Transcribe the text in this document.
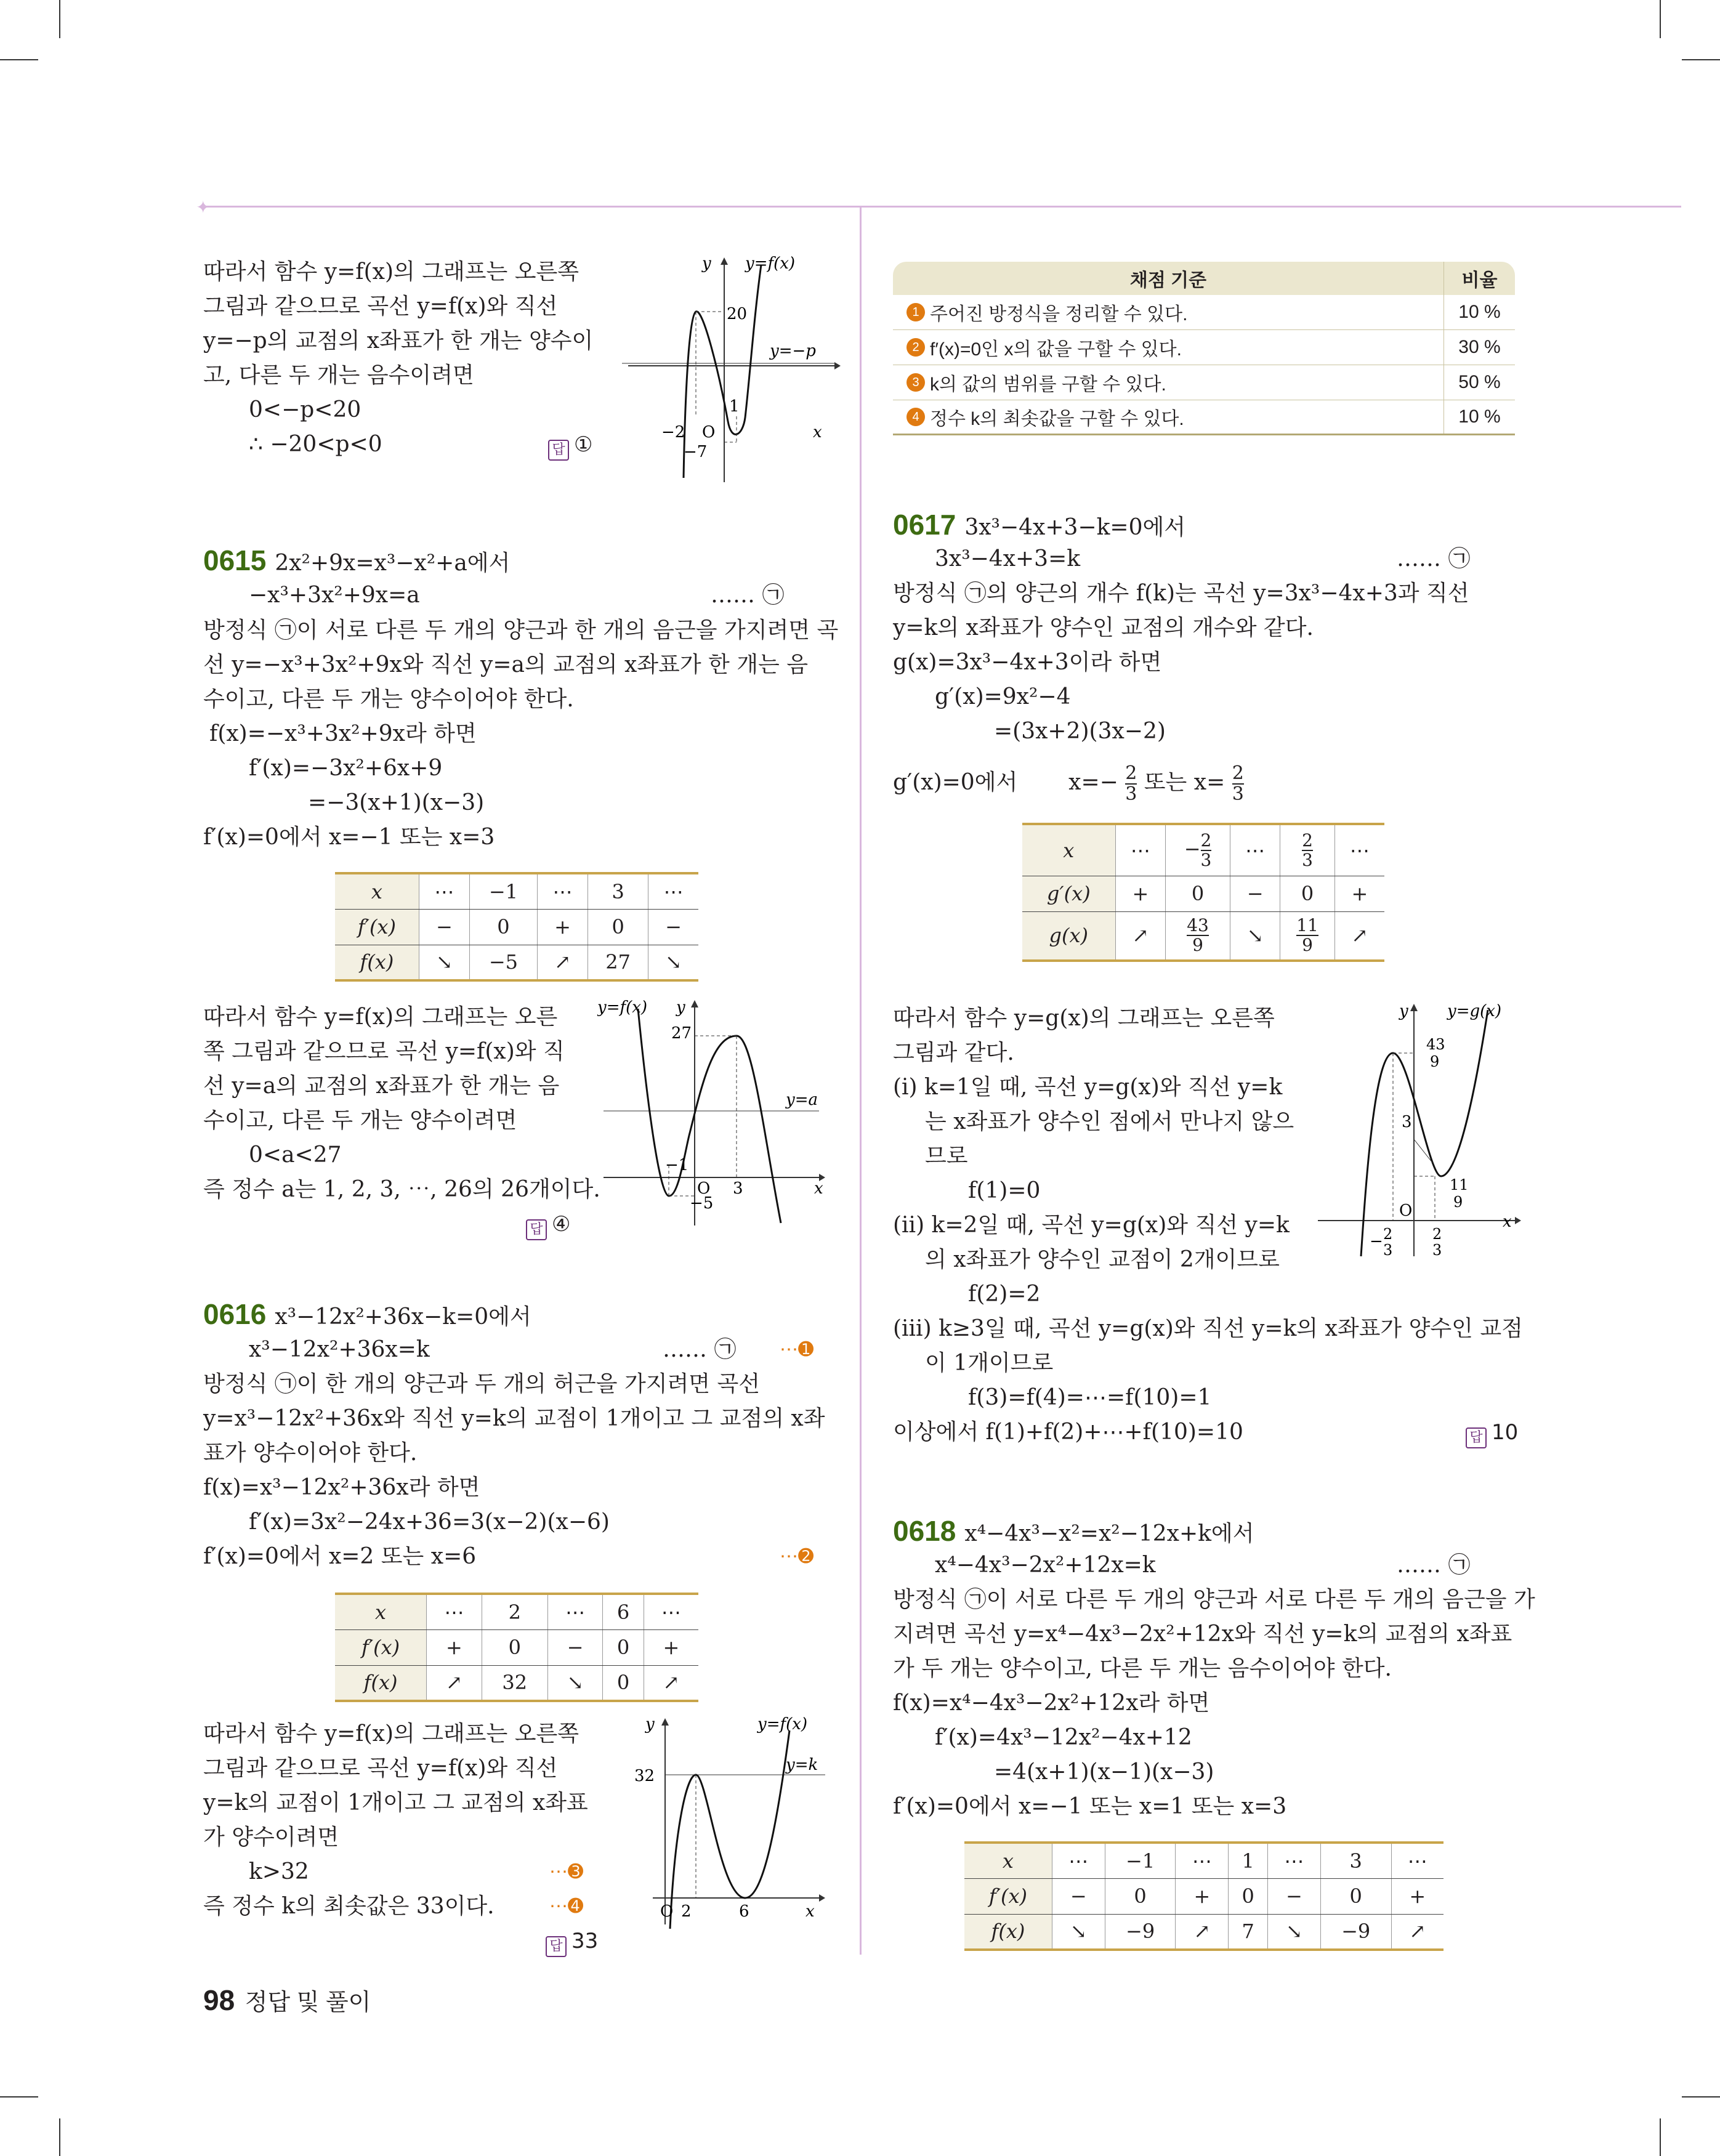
✦
따라서 함수 y=f(x)의 그래프는 오른쪽
그림과 같으므로 곡선 y=f(x)와 직선
y=−p의 교점의 x좌표가 한 개는 양수이
고, 다른 두 개는 음수이려면
0<−p<20
∴ −20<p<0	답 ①
y y=f(x)
20
y=−p
1
−2 O
−7
x
채점 기준	비율
1 주어진 방정식을 정리할 수 있다.	10 %
2 f′(x)=0인 x의 값을 구할 수 있다.	30 %
3 k의 값의 범위를 구할 수 있다.	50 %
4 정수 k의 최솟값을 구할 수 있다.	10 %
0615 2x²+9x=x³−x²+a에서
−x³+3x²+9x=a	…… ㉠
방정식 ㉠이 서로 다른 두 개의 양근과 한 개의 음근을 가지려면 곡
선 y=−x³+3x²+9x와 직선 y=a의 교점의 x좌표가 한 개는 음
수이고, 다른 두 개는 양수이어야 한다.
f(x)=−x³+3x²+9x라 하면
f′(x)=−3x²+6x+9
=−3(x+1)(x−3)
f′(x)=0에서 x=−1 또는 x=3
x	⋯	−1	⋯	3	⋯
f′(x)	−	0	+	0	−
f(x)	↘	−5	↗	27	↘
따라서 함수 y=f(x)의 그래프는 오른
쪽 그림과 같으므로 곡선 y=f(x)와 직
선 y=a의 교점의 x좌표가 한 개는 음
수이고, 다른 두 개는 양수이려면
0<a<27
즉 정수 a는 1, 2, 3, ⋯, 26의 26개이다.
답 ④
y=f(x) y
27
y=a
−1
O 3
−5
x
0616 x³−12x²+36x−k=0에서
x³−12x²+36x=k	…… ㉠ ⋯➊
방정식 ㉠이 한 개의 양근과 두 개의 허근을 가지려면 곡선
y=x³−12x²+36x와 직선 y=k의 교점이 1개이고 그 교점의 x좌
표가 양수이어야 한다.
f(x)=x³−12x²+36x라 하면
f′(x)=3x²−24x+36=3(x−2)(x−6)
f′(x)=0에서 x=2 또는 x=6	⋯➋
x	⋯	2	⋯	6	⋯
f′(x)	+	0	−	0	+
f(x)	↗	32	↘	0	↗
따라서 함수 y=f(x)의 그래프는 오른쪽
그림과 같으므로 곡선 y=f(x)와 직선
y=k의 교점이 1개이고 그 교점의 x좌표
가 양수이려면
k>32	⋯➌
즉 정수 k의 최솟값은 33이다.	⋯➍
답 33
y	y=f(x)
32
y=k
O 2	6	x
0617 3x³−4x+3−k=0에서
3x³−4x+3=k	…… ㉠
방정식 ㉠의 양근의 개수 f(k)는 곡선 y=3x³−4x+3과 직선
y=k의 x좌표가 양수인 교점의 개수와 같다.
g(x)=3x³−4x+3이라 하면
g′(x)=9x²−4
=(3x+2)(3x−2)
g′(x)=0에서 $x=- \frac{2}{3}$ 또는 $x= \frac{2}{3}$
x	⋯	− $\frac{2}{3}$	⋯	$\frac{2}{3}$	⋯
g′(x)	+	0	−	0	+
g(x)	↗	$\frac{43}{9}$	↘	$\frac{11}{9}$	↗
따라서 함수 y=g(x)의 그래프는 오른쪽
그림과 같다.
(ⅰ) k=1일 때, 곡선 y=g(x)와 직선 y=k
는 x좌표가 양수인 점에서 만나지 않으
므로
f(1)=0
(ⅱ) k=2일 때, 곡선 y=g(x)와 직선 y=k
의 x좌표가 양수인 교점이 2개이므로
f(2)=2
(ⅲ) k≥3일 때, 곡선 y=g(x)와 직선 y=k의 x좌표가 양수인 교점
이 1개이므로
f(3)=f(4)=⋯=f(10)=1
이상에서 f(1)+f(2)+⋯+f(10)=10	답 10
y y=g(x)
43
9
3
11
9
O
− 2
3
2
3
x
0618 x⁴−4x³−x²=x²−12x+k에서
x⁴−4x³−2x²+12x=k	…… ㉠
방정식 ㉠이 서로 다른 두 개의 양근과 서로 다른 두 개의 음근을 가
지려면 곡선 y=x⁴−4x³−2x²+12x와 직선 y=k의 교점의 x좌표
가 두 개는 양수이고, 다른 두 개는 음수이어야 한다.
f(x)=x⁴−4x³−2x²+12x라 하면
f′(x)=4x³−12x²−4x+12
=4(x+1)(x−1)(x−3)
f′(x)=0에서 x=−1 또는 x=1 또는 x=3
x	⋯	−1	⋯	1	⋯	3	⋯
f′(x)	−	0	+	0	−	0	+
f(x)	↘	−9	↗	7	↘	−9	↗
98 정답 및 풀이
